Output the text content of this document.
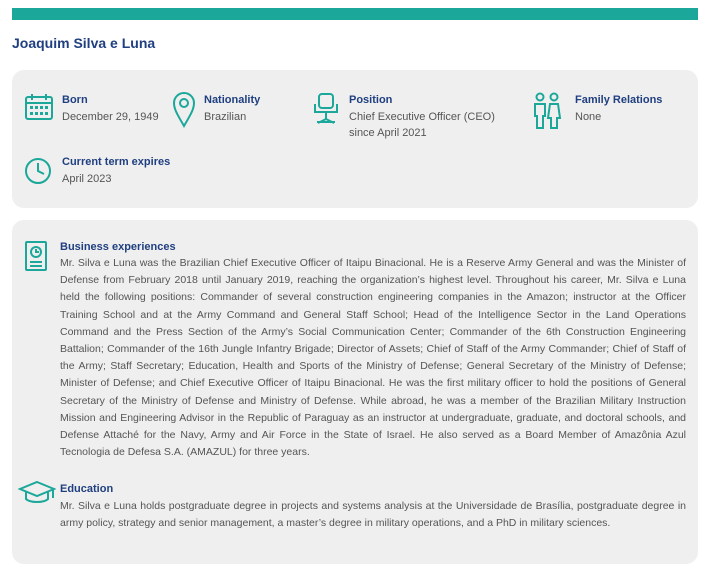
Joaquim Silva e Luna
Born
December 29, 1949
Nationality
Brazilian
Position
Chief Executive Officer (CEO)
since April 2021
Family Relations
None
Current term expires
April 2023
Business experiences
Mr. Silva e Luna was the Brazilian Chief Executive Officer of Itaipu Binacional. He is a Reserve Army General and was the Minister of Defense from February 2018 until January 2019, reaching the organization’s highest level. Throughout his career, Mr. Silva e Luna held the following positions: Commander of several construction engineering companies in the Amazon; instructor at the Officer Training School and at the Army Command and General Staff School; Head of the Intelligence Sector in the Land Operations Command and the Press Section of the Army’s Social Communication Center; Commander of the 6th Construction Engineering Battalion; Commander of the 16th Jungle Infantry Brigade; Director of Assets; Chief of Staff of the Army Commander; Chief of Staff of the Army; Staff Secretary; Education, Health and Sports of the Ministry of Defense; General Secretary of the Ministry of Defense; Minister of Defense; and Chief Executive Officer of Itaipu Binacional. He was the first military officer to hold the positions of General Secretary of the Ministry of Defense and Ministry of Defense. While abroad, he was a member of the Brazilian Military Instruction Mission and Engineering Advisor in the Republic of Paraguay as an instructor at undergraduate, graduate, and doctoral schools, and Defense Attaché for the Navy, Army and Air Force in the State of Israel. He also served as a Board Member of Amazônia Azul Tecnologia de Defesa S.A. (AMAZUL) for three years.
Education
Mr. Silva e Luna holds postgraduate degree in projects and systems analysis at the Universidade de Brasília, postgraduate degree in army policy, strategy and senior management, a master’s degree in military operations, and a PhD in military sciences.
